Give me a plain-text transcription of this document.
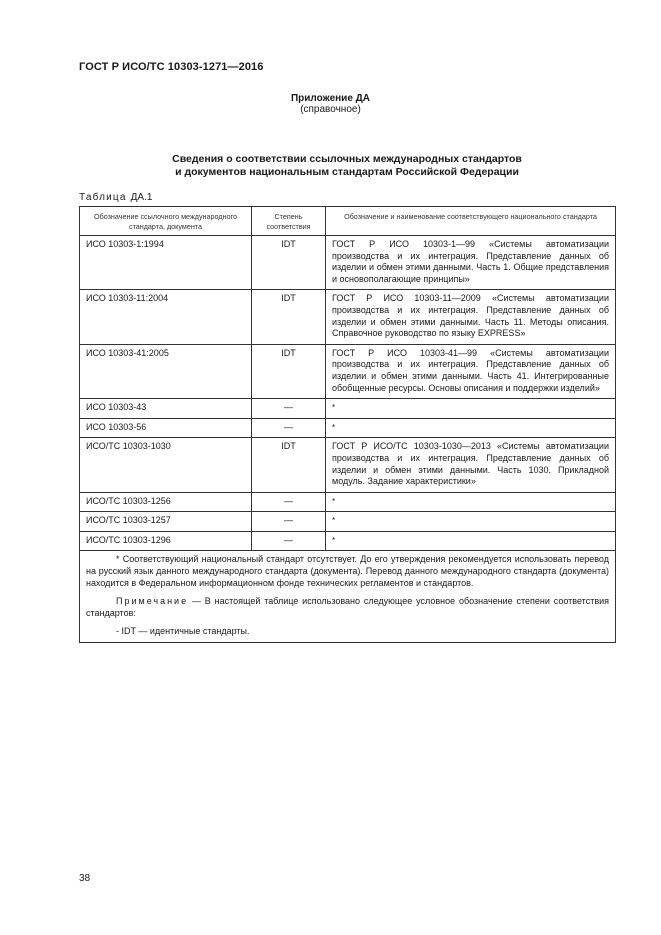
ГОСТ Р ИСО/ТС 10303-1271—2016
Приложение ДА
(справочное)
Сведения о соответствии ссылочных международных стандартов
и документов национальным стандартам Российской Федерации
Таблица ДА.1
Обозначение ссылочного международного стандарта, документа	Степень соответствия	Обозначение и наименование соответствующего национального стандарта
ИСО 10303-1:1994	IDT	ГОСТ Р ИСО 10303-1—99 «Системы автоматизации производства и их интеграция. Представление данных об изделии и обмен этими данными. Часть 1. Общие представления и основополагающие принципы»
ИСО 10303-11:2004	IDT	ГОСТ Р ИСО 10303-11—2009 «Системы автоматизации производства и их интеграция. Представление данных об изделии и обмен этими данными. Часть 11. Методы описания. Справочное руководство по языку EXPRESS»
ИСО 10303-41:2005	IDT	ГОСТ Р ИСО 10303-41—99 «Системы автоматизации производства и их интеграция. Представление данных об изделии и обмен этими данными. Часть 41. Интегрированные обобщенные ресурсы. Основы описания и поддержки изделий»
ИСО 10303-43	—	*
ИСО 10303-56	—	*
ИСО/ТС 10303-1030	IDT	ГОСТ Р ИСО/ТС 10303-1030—2013 «Системы автоматизации производства и их интеграция. Представление данных об изделии и обмен этими данными. Часть 1030. Прикладной модуль. Задание характеристики»
ИСО/ТС 10303-1256	—	*
ИСО/ТС 10303-1257	—	*
ИСО/ТС 10303-1296	—	*

* Соответствующий национальный стандарт отсутствует. До его утверждения рекомендуется использовать перевод на русский язык данного международного стандарта (документа). Перевод данного международного стандарта (документа) находится в Федеральном информационном фонде технических регламентов и стандартов.

Примечание — В настоящей таблице использовано следующее условное обозначение степени соответствия стандартов:

- IDT — идентичные стандарты.		

38
